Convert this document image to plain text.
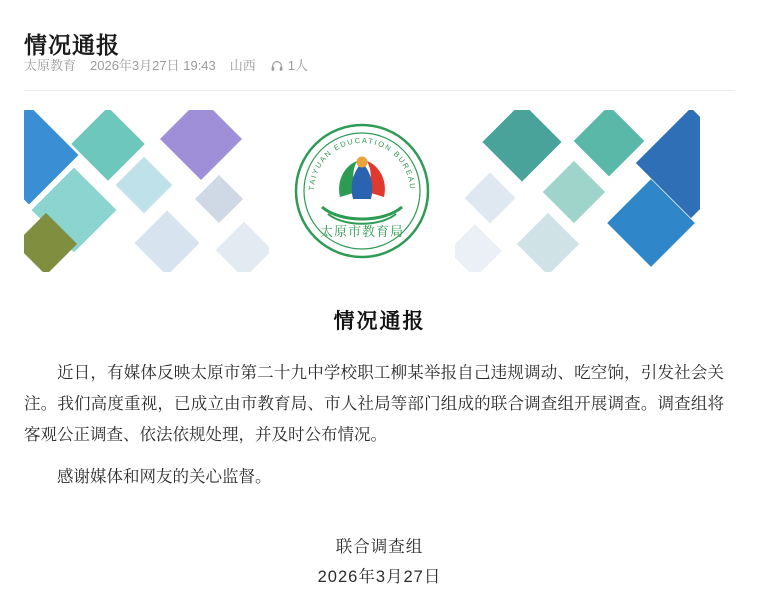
情况通报
太原教育 2026年3月27日 19:43 山西 1人
TAIYUAN EDUCATION BUREAU
太原市教育局
情况通报

近日，有媒体反映太原市第二十九中学校职工柳某举报自己违规调动、吃空饷，引发社会关注。我们高度重视，已成立由市教育局、市人社局等部门组成的联合调查组开展调查。调查组将客观公正调查、依法依规处理，并及时公布情况。

感谢媒体和网友的关心监督。

联合调查组
2026年3月27日
